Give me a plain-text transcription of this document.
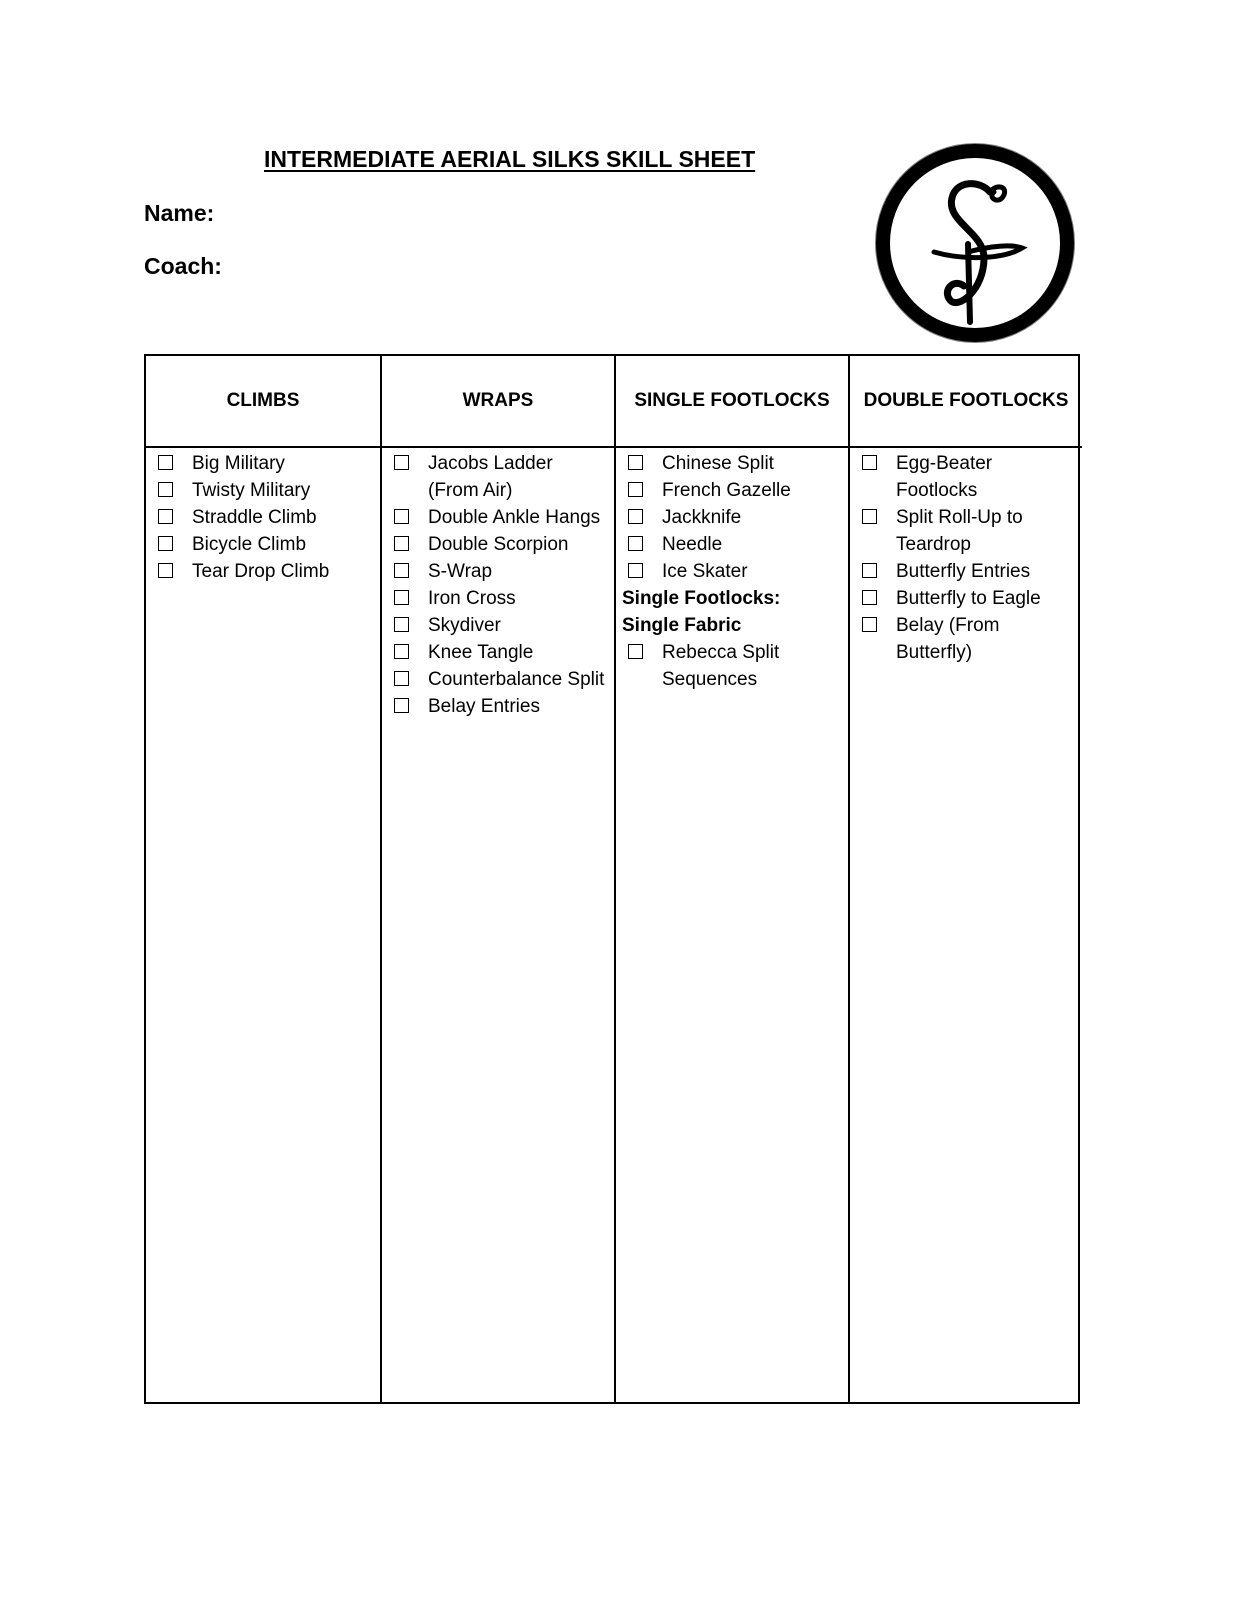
INTERMEDIATE AERIAL SILKS SKILL SHEET
Name:
Coach:
CLIMBS
Big Military
Twisty Military
Straddle Climb
Bicycle Climb
Tear Drop Climb
WRAPS
Jacobs Ladder (From Air)
Double Ankle Hangs
Double Scorpion
S-Wrap
Iron Cross
Skydiver
Knee Tangle
Counterbalance Split
Belay Entries
SINGLE FOOTLOCKS
Chinese Split
French Gazelle
Jackknife
Needle
Ice Skater
Single Footlocks: Single Fabric
Rebecca Split Sequences
DOUBLE FOOTLOCKS
Egg-Beater Footlocks
Split Roll-Up to Teardrop
Butterfly Entries
Butterfly to Eagle
Belay (From Butterfly)
